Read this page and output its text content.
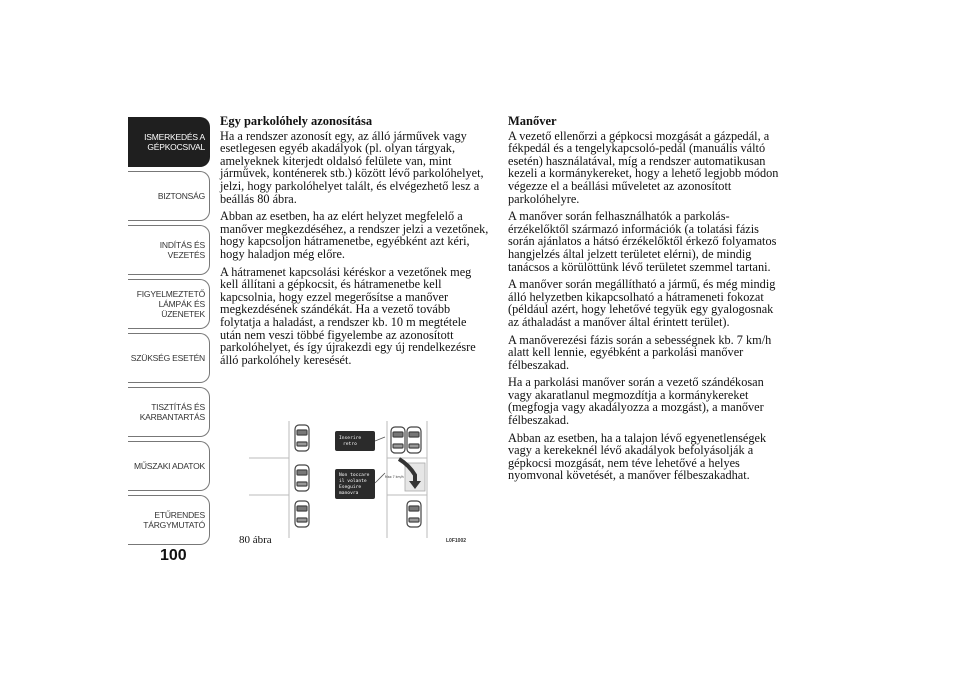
ISMERKEDÉS A
GÉPKOCSIVAL
BIZTONSÁG
INDÍTÁS ÉS
VEZETÉS
FIGYELMEZTETŐ
LÁMPÁK ÉS
ÜZENETEK
SZÜKSÉG ESETÉN
TISZTÍTÁS ÉS
KARBANTARTÁS
MŰSZAKI ADATOK
ETŰRENDES
TÁRGYMUTATÓ
100
Egy parkolóhely azonosítása

Ha a rendszer azonosít egy, az álló járművek vagy esetlegesen egyéb akadályok (pl. olyan tárgyak, amelyeknek kiterjedt oldalsó felülete van, mint járművek, konténerek stb.) között lévő parkolóhelyet, jelzi, hogy parkolóhelyet talált, és elvégezhető lesz a beállás 80 ábra.

Abban az esetben, ha az elért helyzet megfelelő a manőver megkezdéséhez, a rendszer jelzi a vezetőnek, hogy kapcsoljon hátramenetbe, egyébként azt kéri, hogy haladjon még előre.

A hátramenet kapcsolási kéréskor a vezetőnek meg kell állítani a gépkocsit, és hátramenetbe kell kapcsolnia, hogy ezzel megerősítse a manőver megkezdésének szándékát. Ha a vezető tovább folytatja a haladást, a rendszer kb. 10 m megtétele után nem veszi többé figyelembe az azonosított parkolóhelyet, és így újrakezdi egy új rendelkezésre álló parkolóhely keresését.

Manőver

A vezető ellenőrzi a gépkocsi mozgását a gázpedál, a fékpedál és a tengelykapcsoló-pedál (manuális váltó esetén) használatával, míg a rendszer automatikusan kezeli a kormánykereket, hogy a lehető legjobb módon végezze el a beállási műveletet az azonosított parkolóhelyre.

A manőver során felhasználhatók a parkolás-érzékelőktől származó információk (a tolatási fázis során ajánlatos a hátsó érzékelőktől érkező folyamatos hangjelzés által jelzett területet elérni), de mindig tanácsos a körülöttünk lévő területet szemmel tartani.

A manőver során megállítható a jármű, és még mindig álló helyzetben kikapcsolható a hátrameneti fokozat (például azért, hogy lehetővé tegyük egy gyalogosnak az áthaladást a manőver által érintett terület).

A manőverezési fázis során a sebességnek kb. 7 km/h alatt kell lennie, egyébként a parkolási manőver félbeszakad.

Ha a parkolási manőver során a vezető szándékosan vagy akaratlanul megmozdítja a kormánykereket (megfogja vagy akadályozza a mozgást), a manőver félbeszakad.

Abban az esetben, ha a talajon lévő egyenetlenségek vagy a kerekeknél lévő akadályok befolyásolják a gépkocsi mozgását, nem téve lehetővé a helyes nyomvonal követését, a manőver félbeszakadhat.

Inserire
retro
Non toccare
il volante
Eseguire
manovra
Max 7 km/h
80 ábra	L0F1002
